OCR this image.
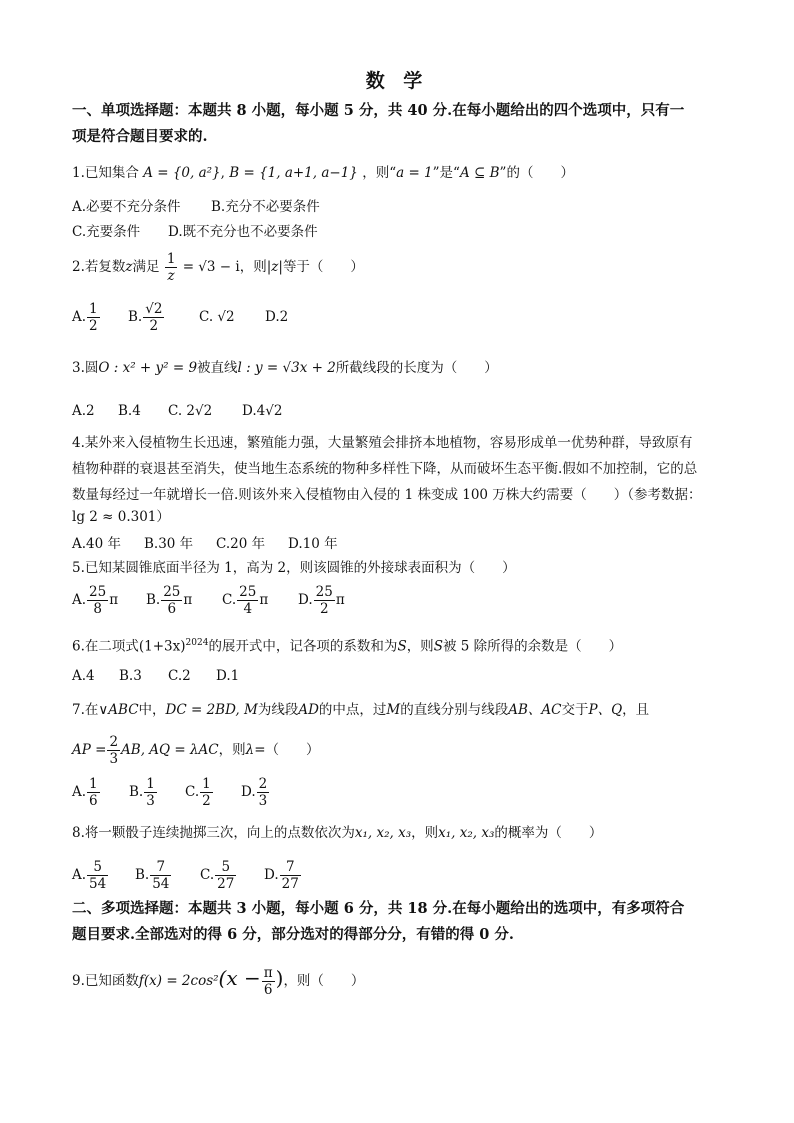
数 学
一、单项选择题：本题共 8 小题，每小题 5 分，共 40 分.在每小题给出的四个选项中，只有一
项是符合题目要求的.
1.已知集合 A = {0, a²}, B = {1, a+1, a−1} ，则“a = 1”是“A ⊆ B”的（　　）
A.必要不充分条件 B.充分不必要条件
C.充要条件 D.既不充分也不必要条件
2.若复数z满足 $\frac{1}{z} = √3 - i$，则|z|等于（　　）
A. $\frac{1}{2} B$. $\frac{√2}{2}$	C. √2 D.2
3.圆O : x² + y² = 9被直线l : y = √3x + 2所截线段的长度为（　　）
A.2 B.4 C. 2√2 D.4√2
4.某外来入侵植物生长迅速，繁殖能力强，大量繁殖会排挤本地植物，容易形成单一优势种群，导致原有
植物种群的衰退甚至消失，使当地生态系统的物种多样性下降，从而破坏生态平衡.假如不加控制，它的总
数量每经过一年就增长一倍.则该外来入侵植物由入侵的 1 株变成 100 万株大约需要（　　）（参考数据：
lg 2 ≈ 0.301）
A.40 年 B.30 年 C.20 年 D.10 年
5.已知某圆锥底面半径为 1，高为 2，则该圆锥的外接球表面积为（　　）
A. $\frac{25}{8}$ π B. $\frac{25}{6}$ π C. $\frac{25}{4}$ π D. $\frac{25}{2}$ π
6.在二项式$(1+3x)^{2024}$的展开式中，记各项的系数和为S，则S被 5 除所得的余数是（　　）
A.4 B.3 C.2 D.1
7.在∨ABC中，DC = 2BD, M为线段AD的中点，过M的直线分别与线段AB、AC交于P、Q，且
AP = $\frac{2}{3}$ AB, AQ = λAC，则λ=（　　）
A. $\frac{1}{6} B$. $\frac{1}{3} C$. $\frac{1}{2} D$. $\frac{2}{3}$
8.将一颗骰子连续抛掷三次，向上的点数依次为x₁, x₂, x₃，则x₁, x₂, x₃的概率为（　　）
A. $\frac{5}{54} B$. $\frac{7}{54} C$. $\frac{5}{27} D$. $\frac{7}{27}$
二、多项选择题：本题共 3 小题，每小题 6 分，共 18 分.在每小题给出的选项中，有多项符合
题目要求.全部选对的得 6 分，部分选对的得部分分，有错的得 0 分.
9.已知函数$f(x) = 2\cos^2(x - \frac{\pi}{6}$ )，则（　　）
